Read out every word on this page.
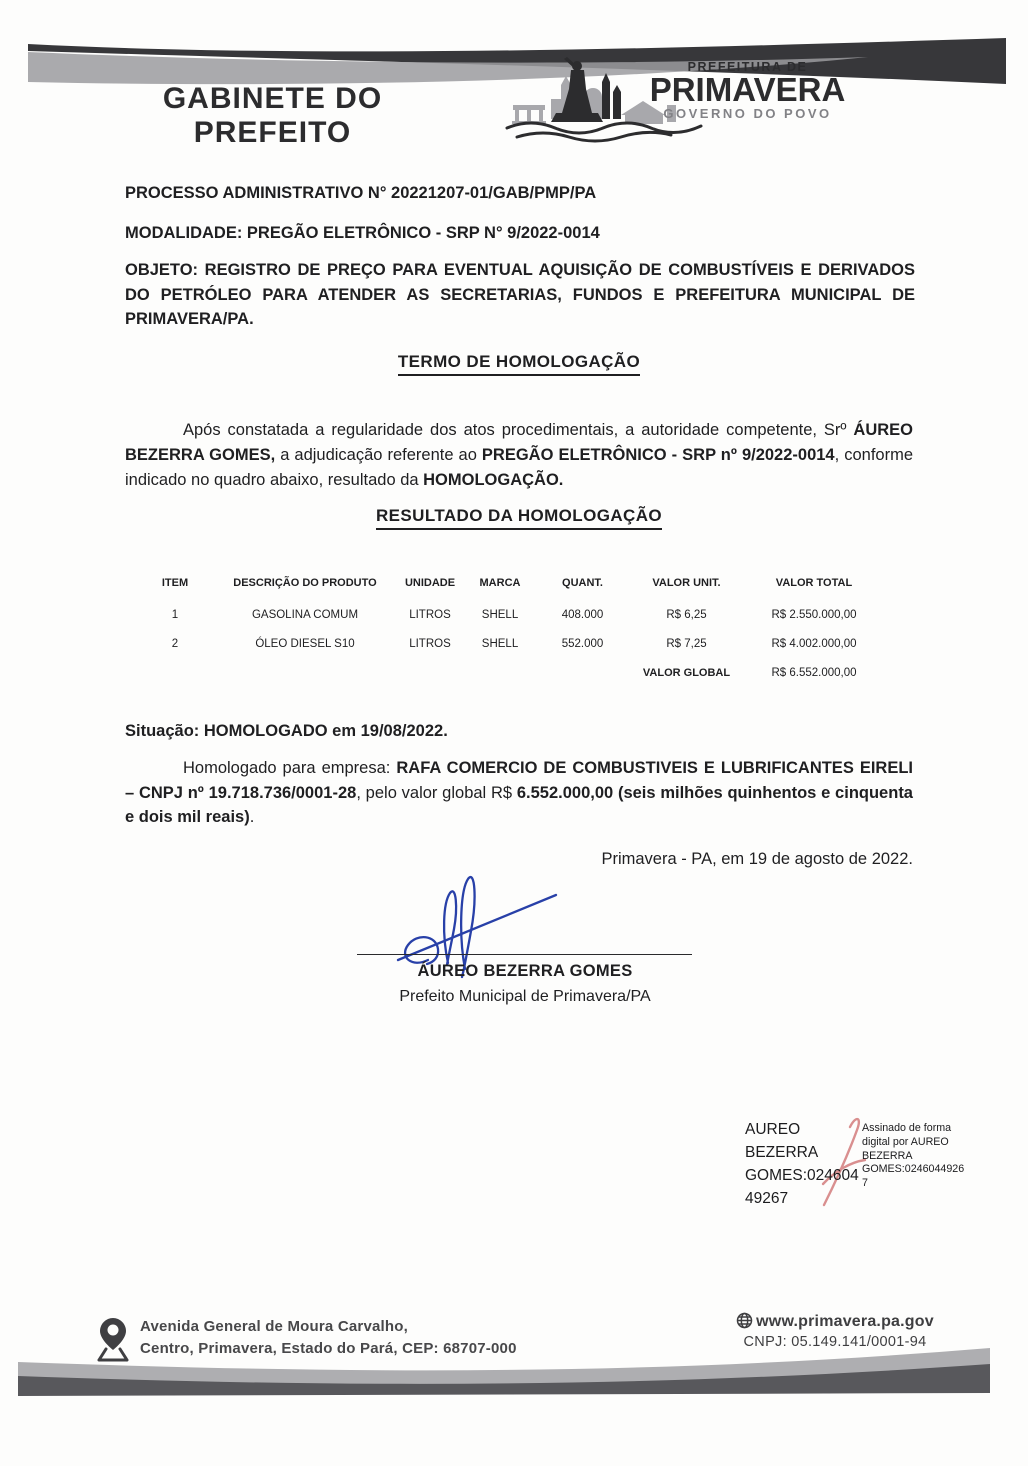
GABINETE DO
PREFEITO
PREFEITURA DE
PRIMAVERA
GOVERNO DO POVO
PROCESSO ADMINISTRATIVO N° 20221207-01/GAB/PMP/PA
MODALIDADE: PREGÃO ELETRÔNICO - SRP N° 9/2022-0014
OBJETO: REGISTRO DE PREÇO PARA EVENTUAL AQUISIÇÃO DE COMBUSTÍVEIS E DERIVADOS DO PETRÓLEO PARA ATENDER AS SECRETARIAS, FUNDOS E PREFEITURA MUNICIPAL DE PRIMAVERA/PA.
TERMO DE HOMOLOGAÇÃO
Após constatada a regularidade dos atos procedimentais, a autoridade competente, Srº ÁUREO BEZERRA GOMES, a adjudicação referente ao PREGÃO ELETRÔNICO - SRP nº 9/2022-0014, conforme indicado no quadro abaixo, resultado da HOMOLOGAÇÃO.
RESULTADO DA HOMOLOGAÇÃO
ITEM	DESCRIÇÃO DO PRODUTO	UNIDADE	MARCA	QUANT.	VALOR UNIT.	VALOR TOTAL
1	GASOLINA COMUM	LITROS	SHELL	408.000	R$ 6,25	R$ 2.550.000,00
2	ÓLEO DIESEL S10	LITROS	SHELL	552.000	R$ 7,25	R$ 4.002.000,00
					VALOR GLOBAL	R$ 6.552.000,00
Situação: HOMOLOGADO em 19/08/2022.
Homologado para empresa: RAFA COMERCIO DE COMBUSTIVEIS E LUBRIFICANTES EIRELI – CNPJ nº 19.718.736/0001-28, pelo valor global R$ 6.552.000,00 (seis milhões quinhentos e cinquenta e dois mil reais).
Primavera - PA, em 19 de agosto de 2022.
ÁUREO BEZERRA GOMES
Prefeito Municipal de Primavera/PA
AUREO
BEZERRA
GOMES:024604
49267
Assinado de forma
digital por AUREO
BEZERRA
GOMES:0246044926
7
Avenida General de Moura Carvalho,
Centro, Primavera, Estado do Pará, CEP: 68707-000
www.primavera.pa.gov
CNPJ: 05.149.141/0001-94
